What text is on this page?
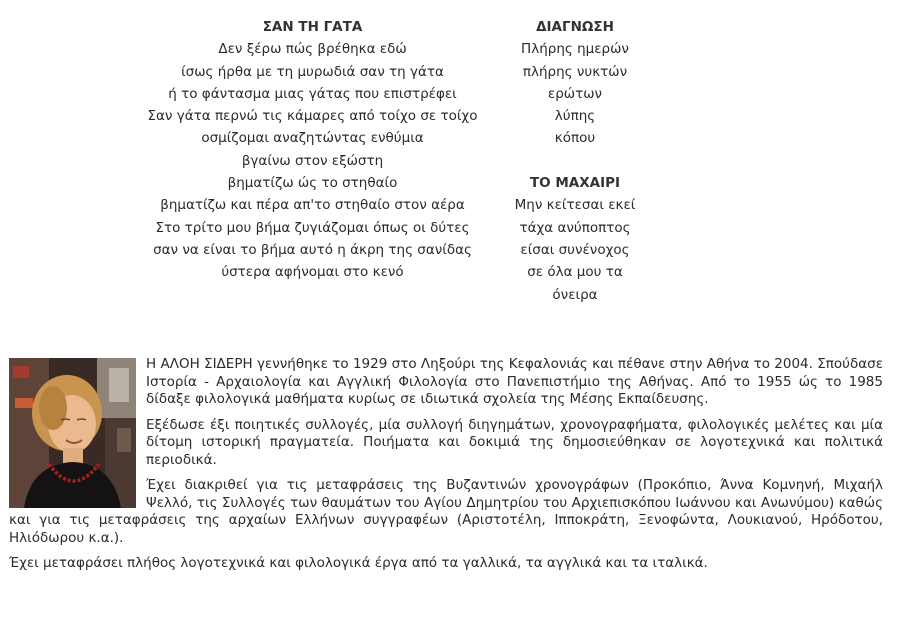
ΣΑΝ ΤΗ ΓΑΤΑ

Δεν ξέρω πώς βρέθηκα εδώ

ίσως ήρθα με τη μυρωδιά σαν τη γάτα

ή το φάντασμα μιας γάτας που επιστρέφει

Σαν γάτα περνώ τις κάμαρες από τοίχο σε τοίχο

οσμίζομαι αναζητώντας ενθύμια

βγαίνω στον εξώστη

βηματίζω ώς το στηθαίο

βηματίζω και πέρα απ'το στηθαίο στον αέρα

Στο τρίτο μου βήμα ζυγιάζομαι όπως οι δύτες

σαν να είναι το βήμα αυτό η άκρη της σανίδας

ύστερα αφήνομαι στο κενό

ΔΙΑΓΝΩΣΗ

Πλήρης ημερών

πλήρης νυκτών

ερώτων

λύπης

κόπου

ΤΟ ΜΑΧΑΙΡΙ

Μην κείτεσαι εκεί

τάχα ανύποπτος

είσαι συνένοχος

σε όλα μου τα

όνειρα

Η ΑΛΟΗ ΣΙΔΕΡΗ γεννήθηκε το 1929 στο Ληξούρι της Κεφαλονιάς και πέθανε στην Αθήνα το 2004. Σπούδασε Ιστορία - Αρχαιολογία και Αγγλική Φιλολογία στο Πανεπιστήμιο της Αθήνας. Από το 1955 ώς το 1985 δίδαξε φιλολογικά μαθήματα κυρίως σε ιδιωτικά σχολεία της Μέσης Εκπαίδευσης.

Εξέδωσε έξι ποιητικές συλλογές, μία συλλογή διηγημάτων, χρονογραφήματα, φιλολογικές μελέτες και μία δίτομη ιστορική πραγματεία. Ποιήματα και δοκιμιά της δημοσιεύθηκαν σε λογοτεχνικά και πολιτικά περιοδικά.

Έχει διακριθεί για τις μεταφράσεις της Βυζαντινών χρονογράφων (Προκόπιο, Άννα Κομνηνή, Μιχαήλ Ψελλό, τις Συλλογές των θαυμάτων του Αγίου Δημητρίου του Αρχιεπισκόπου Ιωάννου και Ανωνύμου) καθώς και για τις μεταφράσεις της αρχαίων Ελλήνων συγγραφέων (Αριστοτέλη, Ιπποκράτη, Ξενοφώντα, Λουκιανού, Ηρόδοτου, Ηλιόδωρου κ.α.).

Έχει μεταφράσει πλήθος λογοτεχνικά και φιλολογικά έργα από τα γαλλικά, τα αγγλικά και τα ιταλικά.
